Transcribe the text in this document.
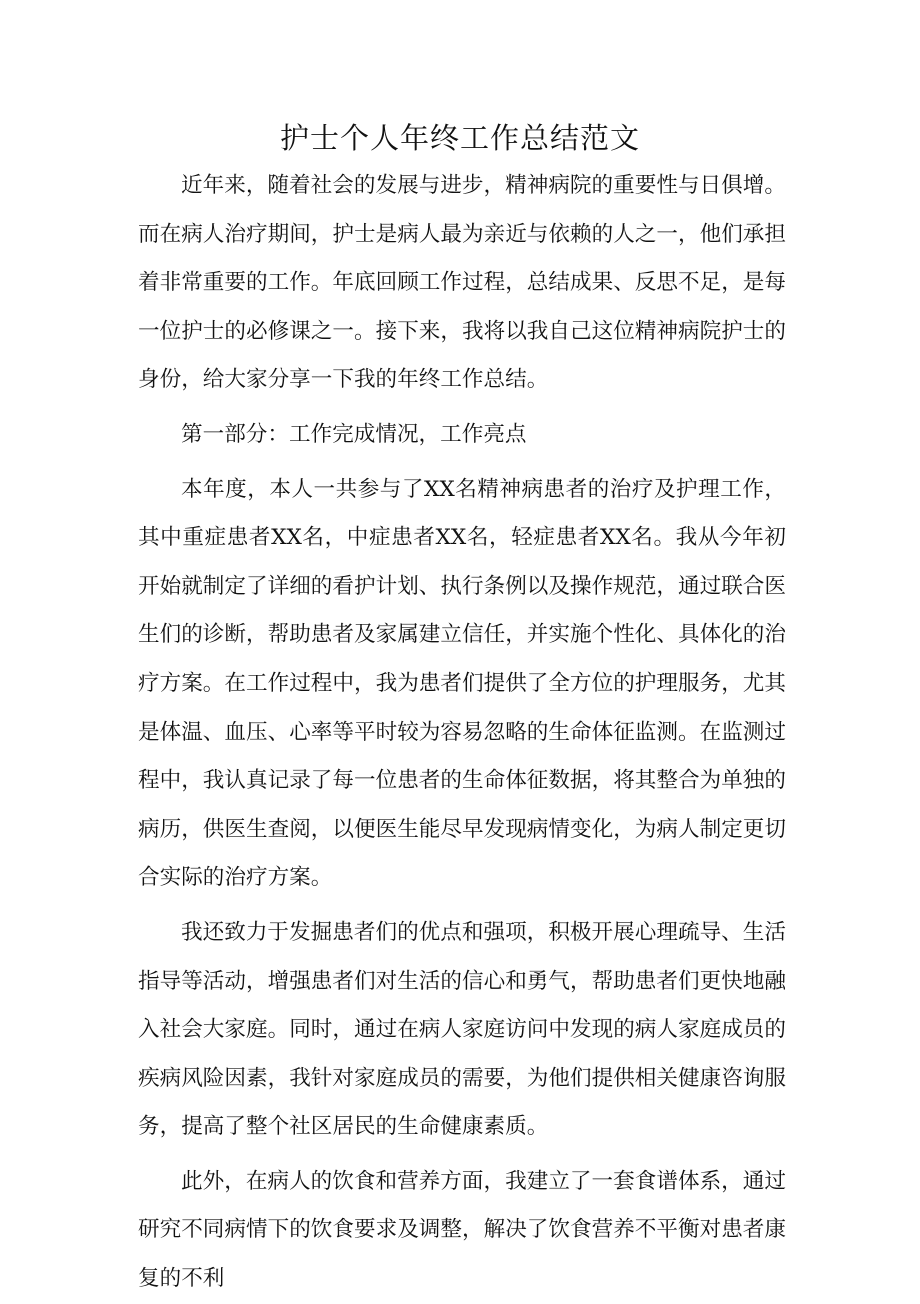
护士个人年终工作总结范文

近年来，随着社会的发展与进步，精神病院的重要性与日俱增。而在病人治疗期间，护士是病人最为亲近与依赖的人之一，他们承担着非常重要的工作。年底回顾工作过程，总结成果、反思不足，是每一位护士的必修课之一。接下来，我将以我自己这位精神病院护士的身份，给大家分享一下我的年终工作总结。

第一部分：工作完成情况，工作亮点

本年度，本人一共参与了XX名精神病患者的治疗及护理工作，其中重症患者XX名，中症患者XX名，轻症患者XX名。我从今年初开始就制定了详细的看护计划、执行条例以及操作规范，通过联合医生们的诊断，帮助患者及家属建立信任，并实施个性化、具体化的治疗方案。在工作过程中，我为患者们提供了全方位的护理服务，尤其是体温、血压、心率等平时较为容易忽略的生命体征监测。在监测过程中，我认真记录了每一位患者的生命体征数据，将其整合为单独的病历，供医生查阅，以便医生能尽早发现病情变化，为病人制定更切合实际的治疗方案。

我还致力于发掘患者们的优点和强项，积极开展心理疏导、生活指导等活动，增强患者们对生活的信心和勇气，帮助患者们更快地融入社会大家庭。同时，通过在病人家庭访问中发现的病人家庭成员的疾病风险因素，我针对家庭成员的需要，为他们提供相关健康咨询服务，提高了整个社区居民的生命健康素质。

此外，在病人的饮食和营养方面，我建立了一套食谱体系，通过研究不同病情下的饮食要求及调整，解决了饮食营养不平衡对患者康复的不利
